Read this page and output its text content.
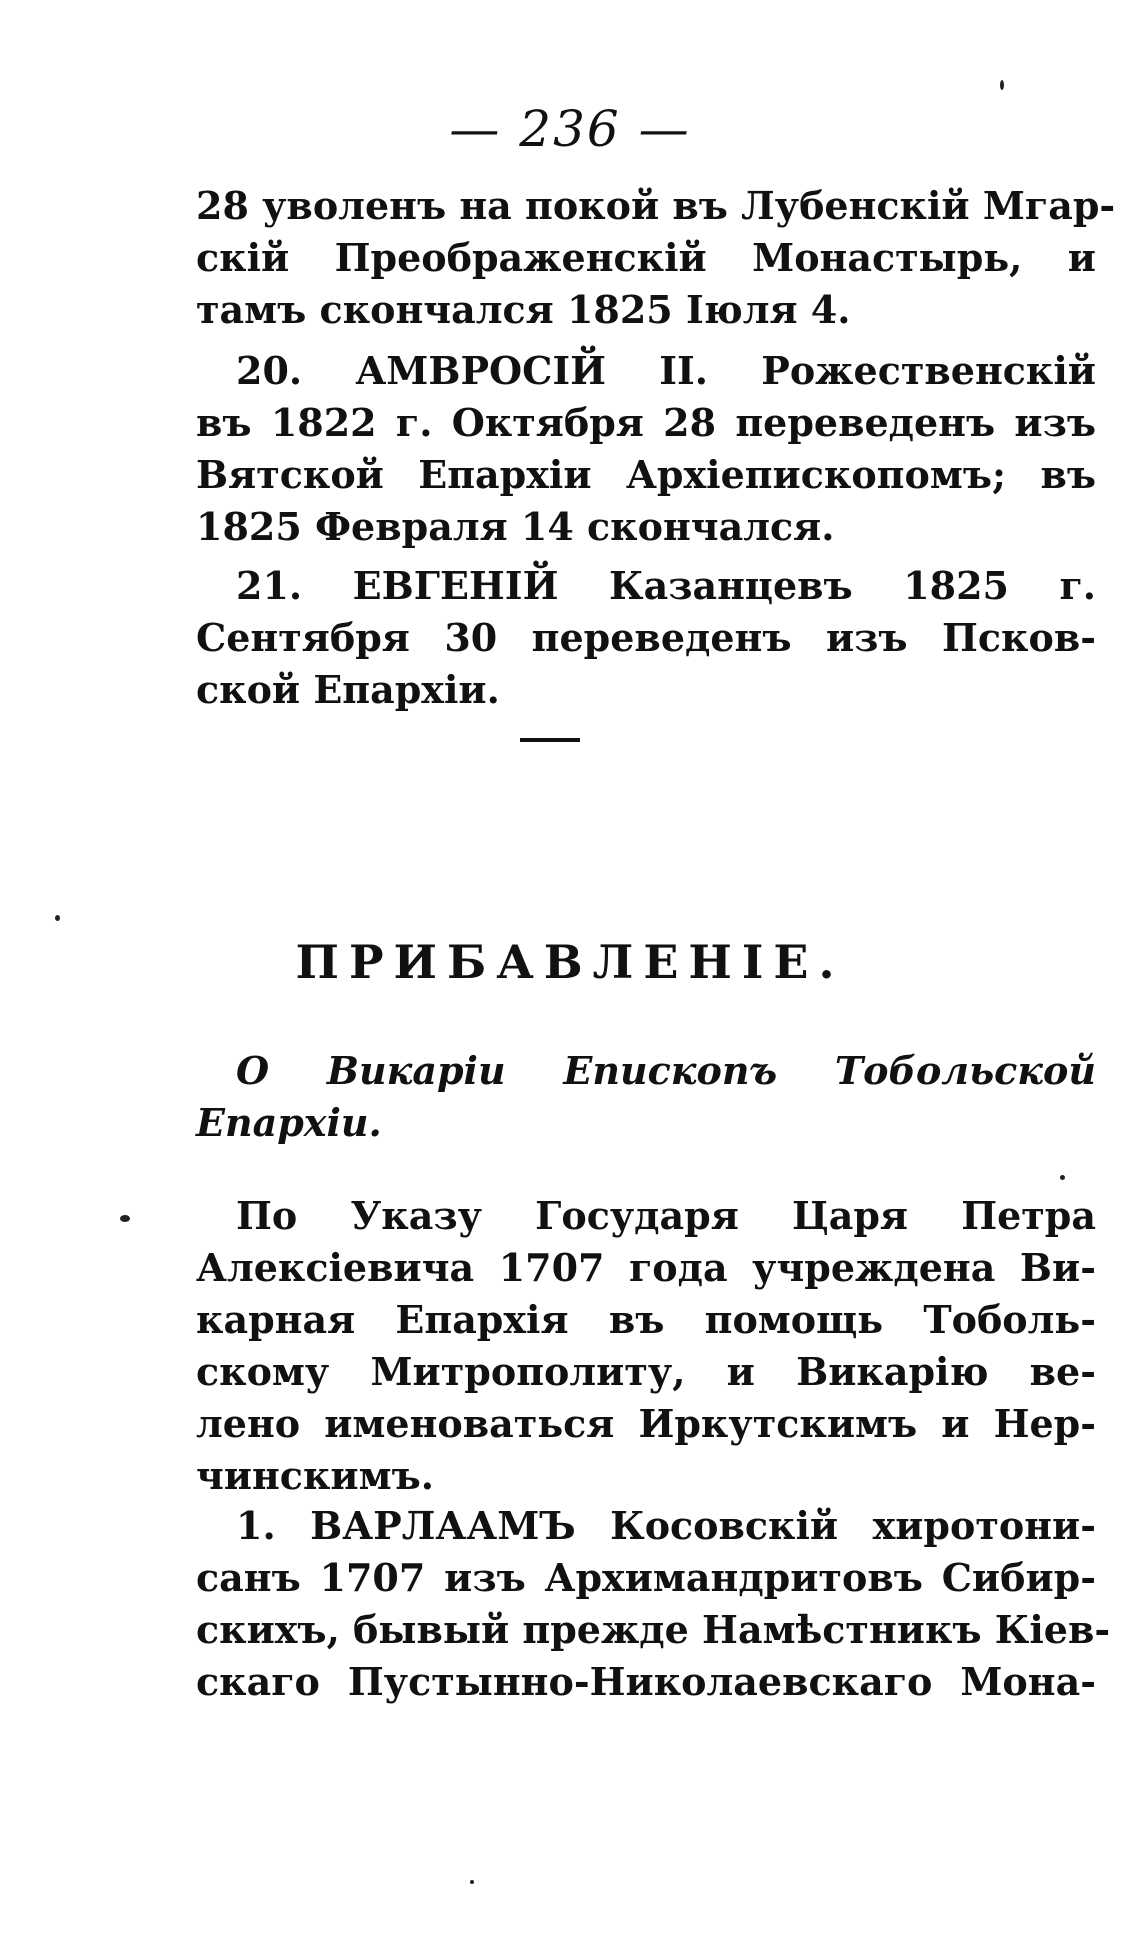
— 236 —
28 уволенъ на покой въ Лубенскій Мгар-
скій Преображенскій Монастырь, и
тамъ скончался 1825 Іюля 4.
20. АМВРОСІЙ II. Рожественскій
въ 1822 г. Октября 28 переведенъ изъ
Вятской Епархіи Архіепископомъ; въ
1825 Февраля 14 скончался.
21. ЕВГЕНІЙ Казанцевъ 1825 г.
Сентября 30 переведенъ изъ Псков-
ской Епархіи.
ПРИБАВЛЕНІЕ.
О Викаріи Епископъ Тобольской
Епархіи.
По Указу Государя Царя Петра
Алексіевича 1707 года учреждена Ви-
карная Епархія въ помощь Тоболь-
скому Митрополиту, и Викарію ве-
лено именоваться Иркутскимъ и Нер-
чинскимъ.
1. ВАРЛААМЪ Косовскій хиротони-
санъ 1707 изъ Архимандритовъ Сибир-
скихъ, бывый прежде Намѣстникъ Кіев-
скаго Пустынно-Николаевскаго Мона-
